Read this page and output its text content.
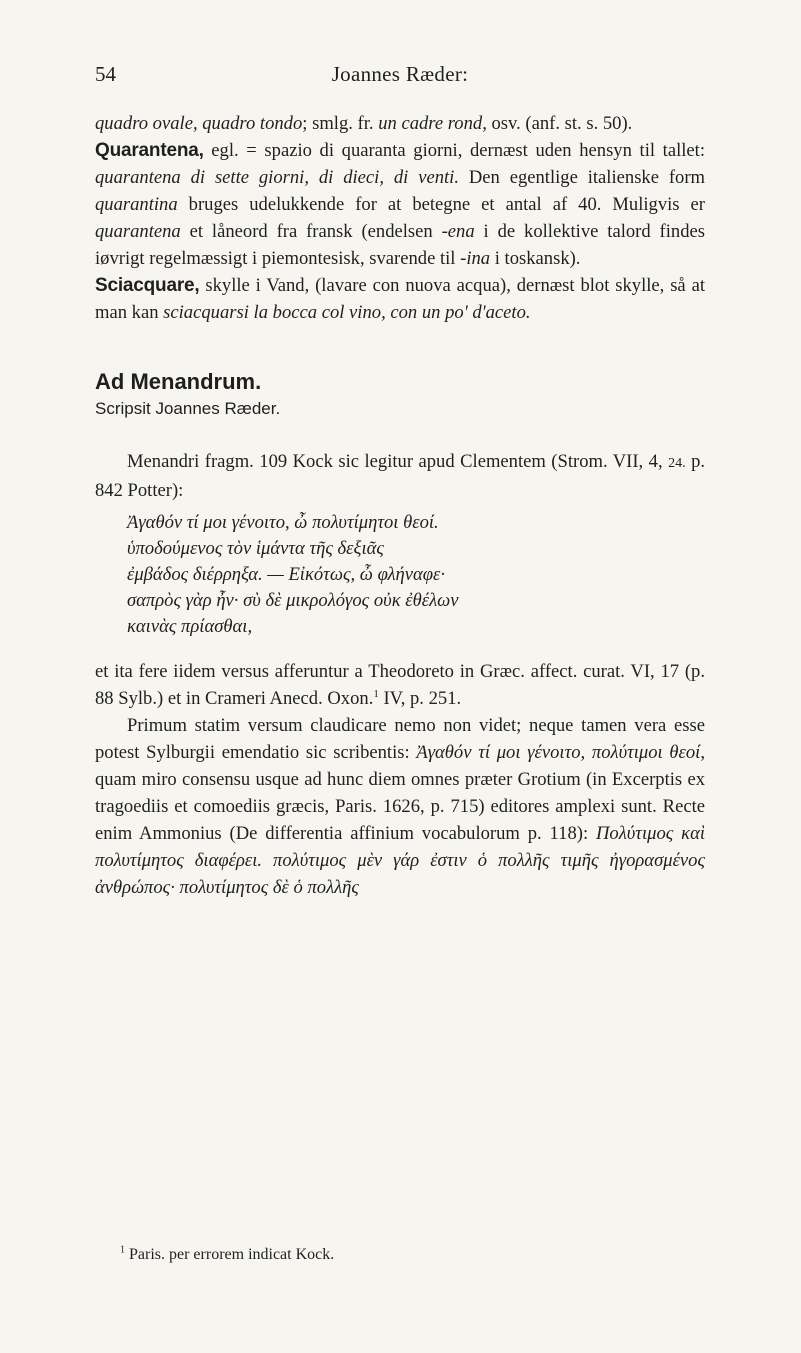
54	Joannes Ræder:

quadro ovale, quadro tondo; smlg. fr. un cadre rond, osv. (anf. st. s. 50).

Quarantena, egl. = spazio di quaranta giorni, dernæst uden hensyn til tallet: quarantena di sette giorni, di dieci, di venti. Den egentlige italienske form quarantina bruges udelukkende for at betegne et antal af 40. Muligvis er quarantena et låneord fra fransk (endelsen -ena i de kollektive talord findes iøvrigt regelmæssigt i piemontesisk, svarende til -ina i toskansk).

Sciacquare, skylle i Vand, (lavare con nuova acqua), dernæst blot skylle, så at man kan sciacquarsi la bocca col vino, con un po' d'aceto.

Ad Menandrum.

Scripsit Joannes Ræder.

Menandri fragm. 109 Kock sic legitur apud Clementem (Strom. VII, 4, 24. p. 842 Potter):

Ἀγαθόν τί μοι γένοιτο, ὦ πολυτίμητοι θεοί.
ὑποδούμενος τὸν ἱμάντα τῆς δεξιᾶς
ἐμβάδος διέρρηξα. — Εἰκότως, ὦ φλήναφε·
σαπρὸς γὰρ ἦν· σὺ δὲ μικρολόγος οὐκ ἐθέλων
καινὰς πρίασθαι,

et ita fere iidem versus afferuntur a Theodoreto in Græc. affect. curat. VI, 17 (p. 88 Sylb.) et in Crameri Anecd. Oxon.$^1$ IV, p. 251.

Primum statim versum claudicare nemo non videt; neque tamen vera esse potest Sylburgii emendatio sic scribentis: Ἀγαθόν τί μοι γένοιτο, πολύτιμοι θεοί, quam miro consensu usque ad hunc diem omnes præter Grotium (in Excerptis ex tragoediis et comoediis græcis, Paris. 1626, p. 715) editores amplexi sunt. Recte enim Ammonius (De differentia affinium vocabulorum p. 118): Πολύτιμος καὶ πολυτίμητος διαφέρει. πολύτιμος μὲν γάρ ἐστιν ὁ πολλῆς τιμῆς ἠγορασμένος ἀνθρώπος· πολυτίμητος δὲ ὁ πολλῆς

$^1$ Paris. per errorem indicat Kock.
